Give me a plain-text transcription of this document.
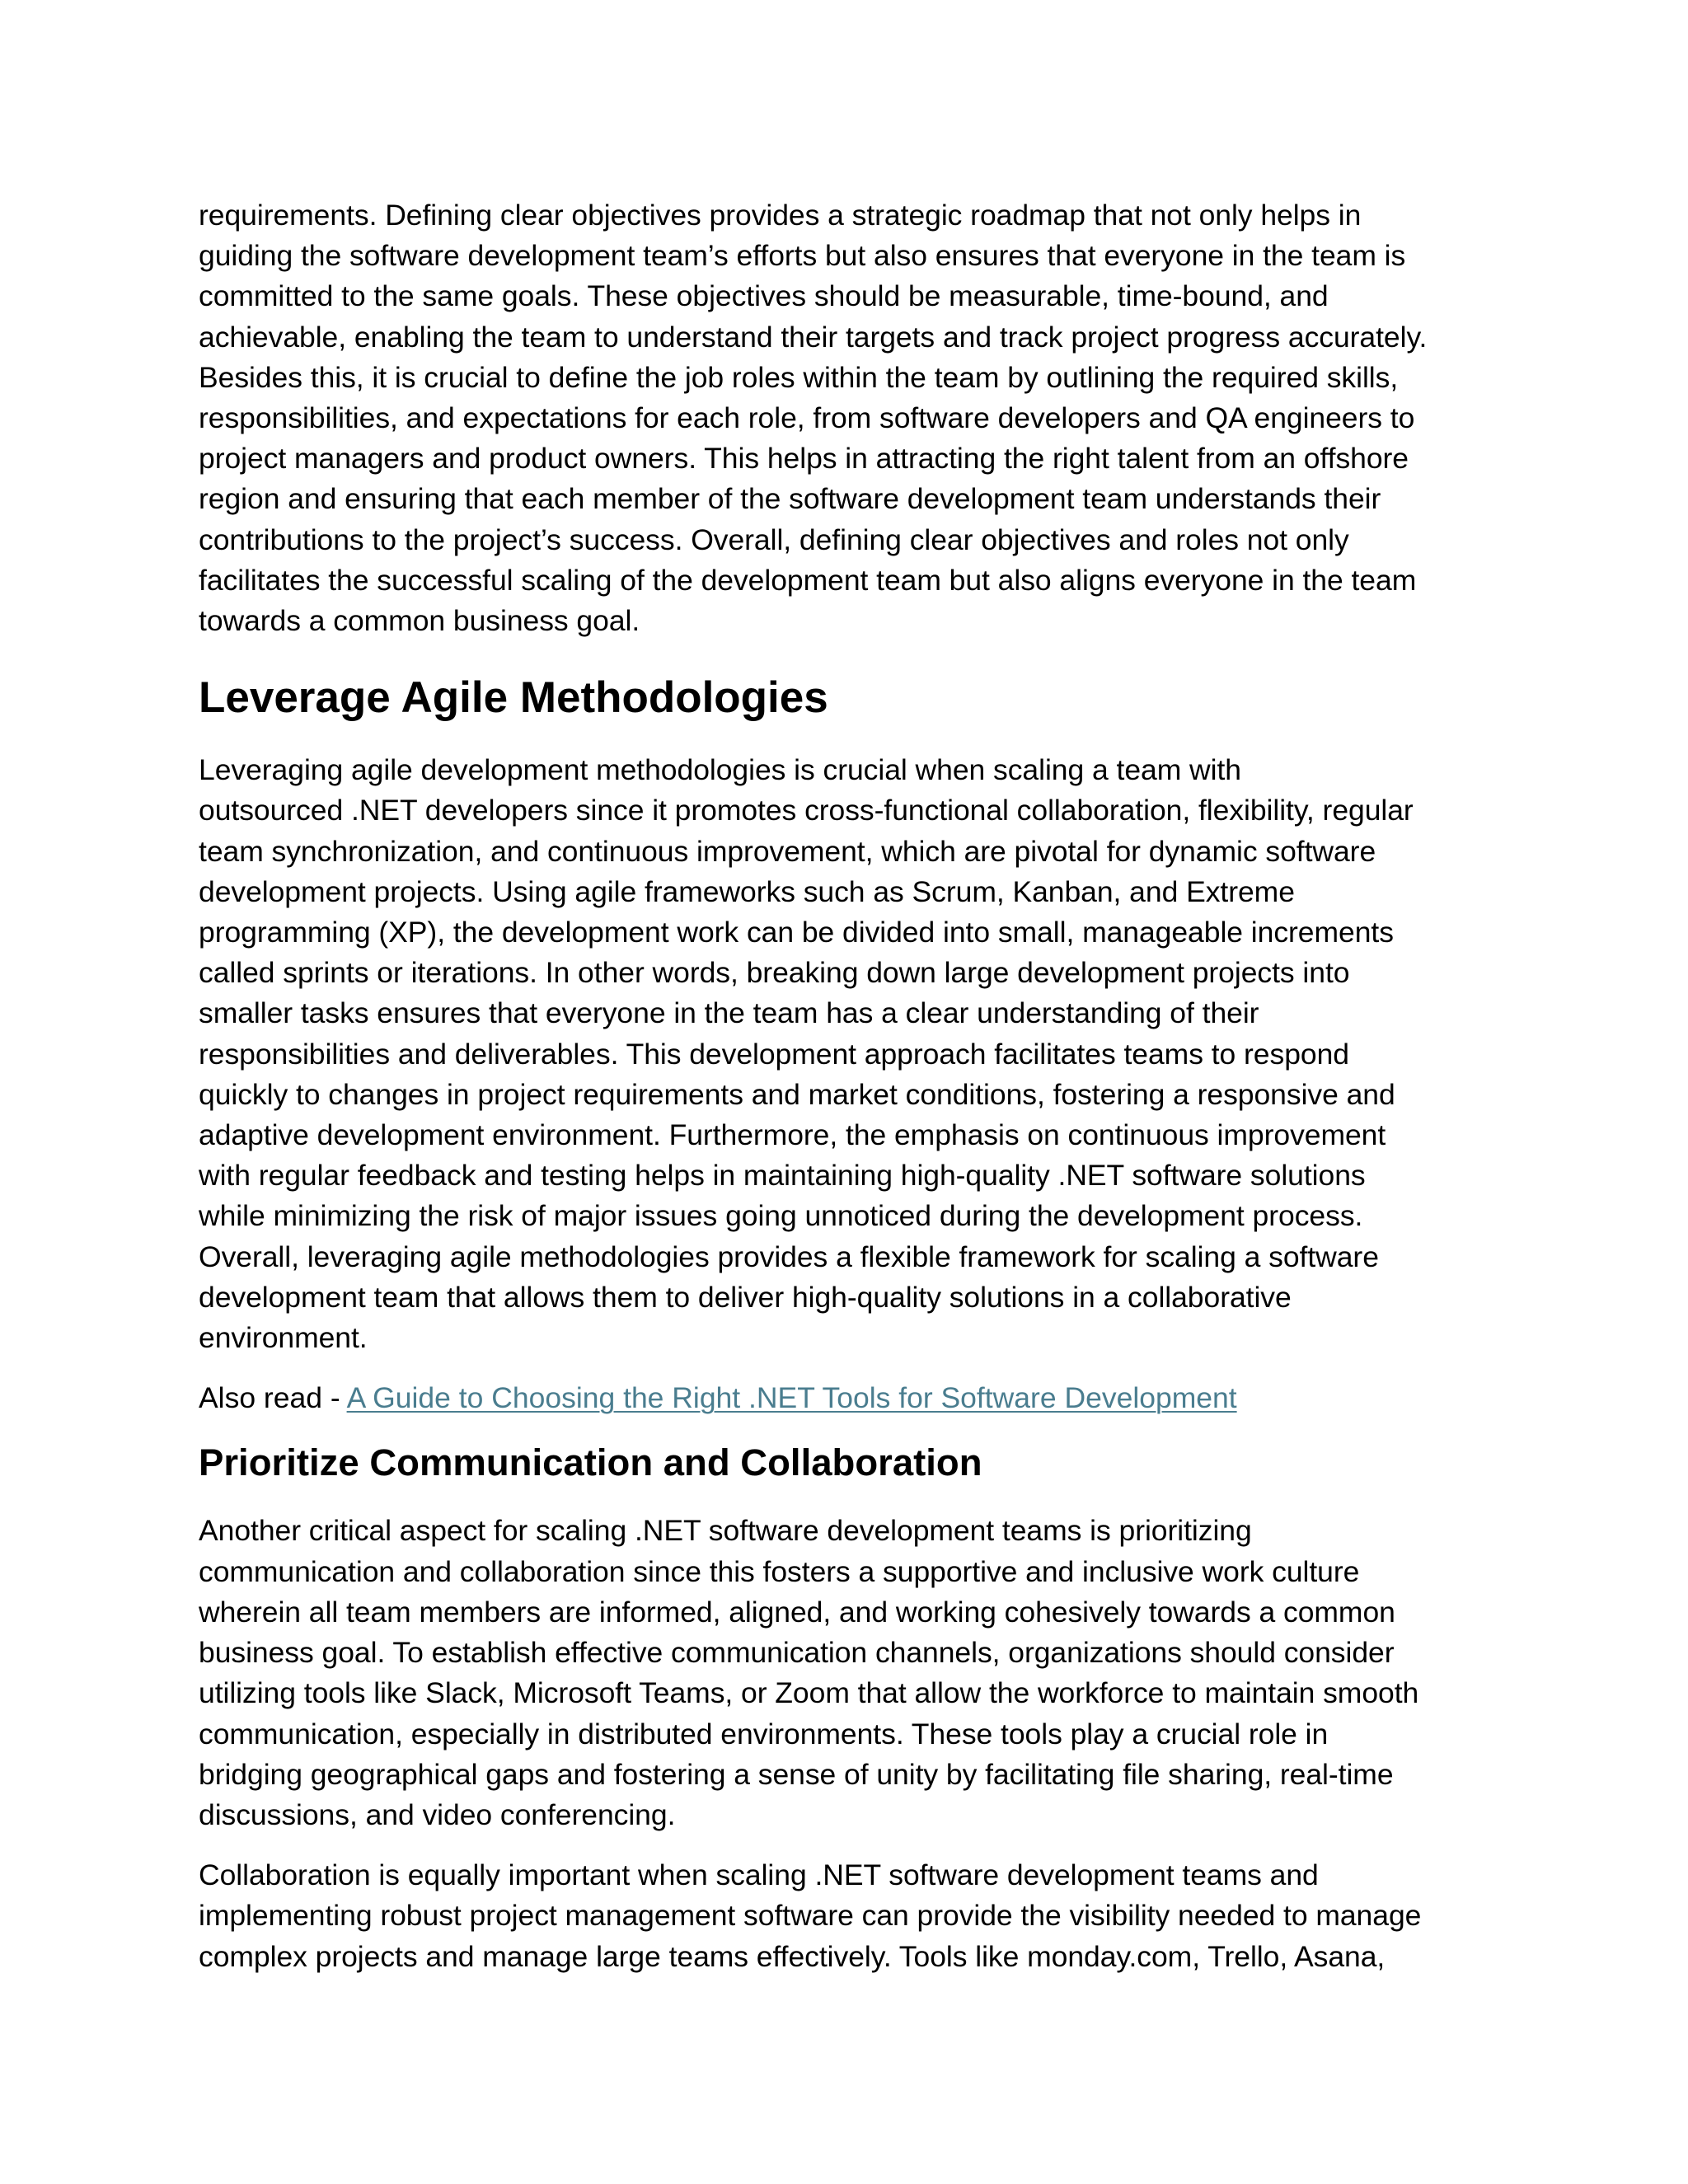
requirements. Defining clear objectives provides a strategic roadmap that not only helps in
guiding the software development team’s efforts but also ensures that everyone in the team is
committed to the same goals. These objectives should be measurable, time-bound, and
achievable, enabling the team to understand their targets and track project progress accurately.
Besides this, it is crucial to define the job roles within the team by outlining the required skills,
responsibilities, and expectations for each role, from software developers and QA engineers to
project managers and product owners. This helps in attracting the right talent from an offshore
region and ensuring that each member of the software development team understands their
contributions to the project’s success. Overall, defining clear objectives and roles not only
facilitates the successful scaling of the development team but also aligns everyone in the team
towards a common business goal.

Leverage Agile Methodologies

Leveraging agile development methodologies is crucial when scaling a team with
outsourced .NET developers since it promotes cross-functional collaboration, flexibility, regular
team synchronization, and continuous improvement, which are pivotal for dynamic software
development projects. Using agile frameworks such as Scrum, Kanban, and Extreme
programming (XP), the development work can be divided into small, manageable increments
called sprints or iterations. In other words, breaking down large development projects into
smaller tasks ensures that everyone in the team has a clear understanding of their
responsibilities and deliverables. This development approach facilitates teams to respond
quickly to changes in project requirements and market conditions, fostering a responsive and
adaptive development environment. Furthermore, the emphasis on continuous improvement
with regular feedback and testing helps in maintaining high-quality .NET software solutions
while minimizing the risk of major issues going unnoticed during the development process.
Overall, leveraging agile methodologies provides a flexible framework for scaling a software
development team that allows them to deliver high-quality solutions in a collaborative
environment.

Also read - A Guide to Choosing the Right .NET Tools for Software Development

Prioritize Communication and Collaboration

Another critical aspect for scaling .NET software development teams is prioritizing
communication and collaboration since this fosters a supportive and inclusive work culture
wherein all team members are informed, aligned, and working cohesively towards a common
business goal. To establish effective communication channels, organizations should consider
utilizing tools like Slack, Microsoft Teams, or Zoom that allow the workforce to maintain smooth
communication, especially in distributed environments. These tools play a crucial role in
bridging geographical gaps and fostering a sense of unity by facilitating file sharing, real-time
discussions, and video conferencing.

Collaboration is equally important when scaling .NET software development teams and
implementing robust project management software can provide the visibility needed to manage
complex projects and manage large teams effectively. Tools like monday.com, Trello, Asana,
